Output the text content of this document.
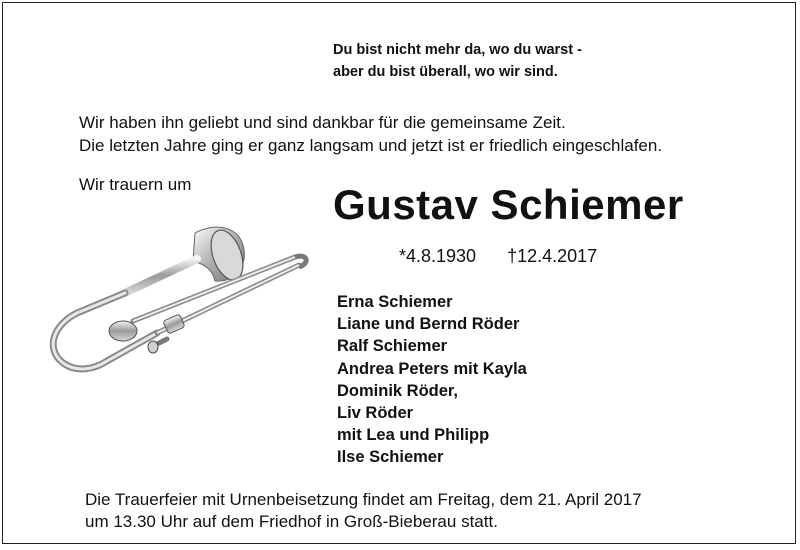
Du bist nicht mehr da, wo du warst -
aber du bist überall, wo wir sind.
Wir haben ihn geliebt und sind dankbar für die gemeinsame Zeit.
Die letzten Jahre ging er ganz langsam und jetzt ist er friedlich eingeschlafen.
Wir trauern um	Gustav Schiemer
*4.8.1930 †12.4.2017
Erna Schiemer
Liane und Bernd Röder
Ralf Schiemer
Andrea Peters mit Kayla
Dominik Röder,
Liv Röder
mit Lea und Philipp
Ilse Schiemer
Die Trauerfeier mit Urnenbeisetzung findet am Freitag, dem 21. April 2017
um 13.30 Uhr auf dem Friedhof in Groß-Bieberau statt.
